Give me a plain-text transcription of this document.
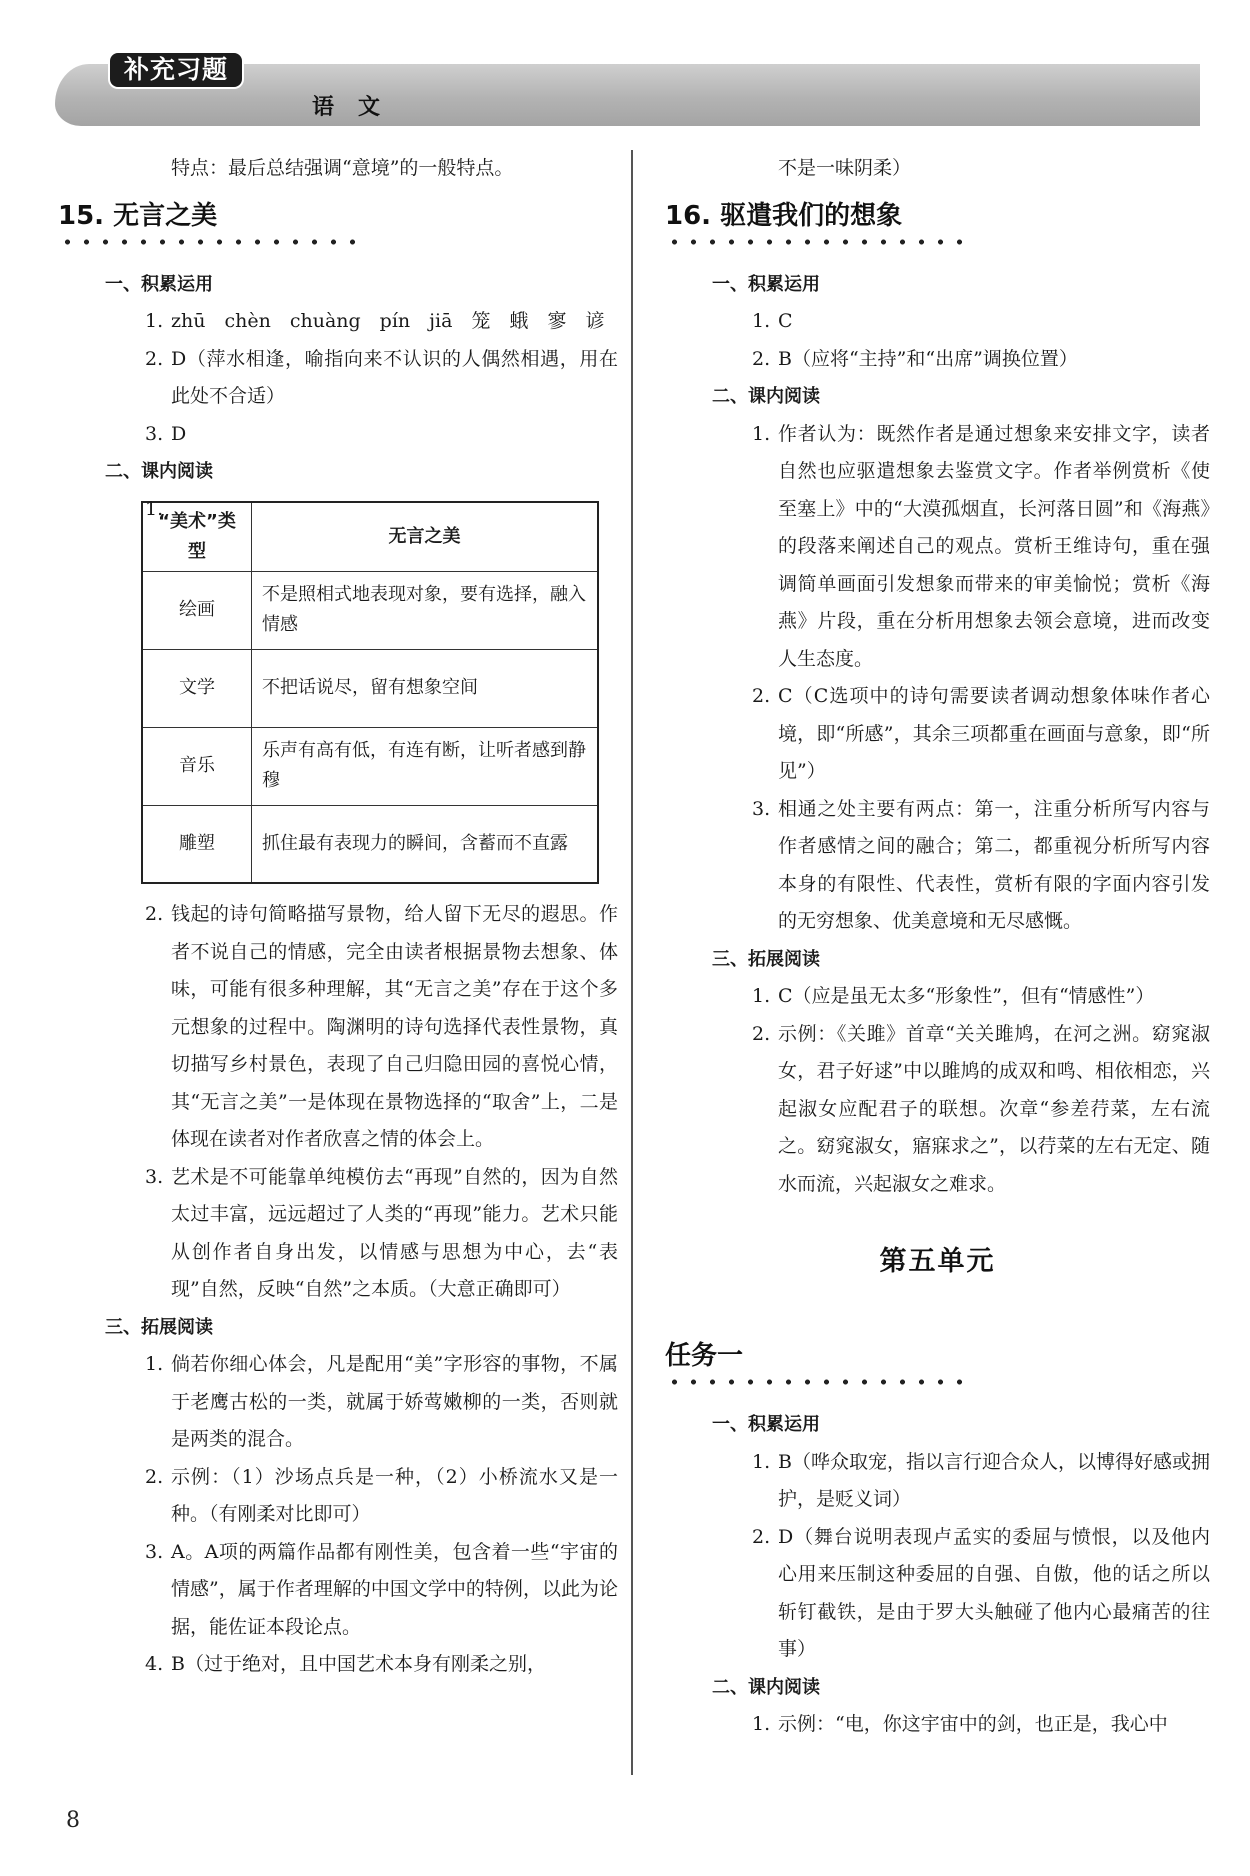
补充习题
语文

特点：最后总结强调“意境”的一般特点。

15. 无言之美
一、积累运用

1. zhū　chèn　chuàng　pín　jiā　笼　蛾　寥　谚

2. D（萍水相逢，喻指向来不认识的人偶然相遇，用在此处不合适）

3. D

二、课内阅读

1.

“美术”类型	无言之美
绘画	不是照相式地表现对象，要有选择，融入情感
文学	不把话说尽，留有想象空间
音乐	乐声有高有低，有连有断，让听者感到静穆
雕塑	抓住最有表现力的瞬间，含蓄而不直露

2. 钱起的诗句简略描写景物，给人留下无尽的遐思。作者不说自己的情感，完全由读者根据景物去想象、体味，可能有很多种理解，其“无言之美”存在于这个多元想象的过程中。陶渊明的诗句选择代表性景物，真切描写乡村景色，表现了自己归隐田园的喜悦心情，其“无言之美”一是体现在景物选择的“取舍”上，二是体现在读者对作者欣喜之情的体会上。

3. 艺术是不可能靠单纯模仿去“再现”自然的，因为自然太过丰富，远远超过了人类的“再现”能力。艺术只能从创作者自身出发，以情感与思想为中心，去“表现”自然，反映“自然”之本质。（大意正确即可）

三、拓展阅读

1. 倘若你细心体会，凡是配用“美”字形容的事物，不属于老鹰古松的一类，就属于娇莺嫩柳的一类，否则就是两类的混合。

2. 示例：（1）沙场点兵是一种，（2）小桥流水又是一种。（有刚柔对比即可）

3. A。A项的两篇作品都有刚性美，包含着一些“宇宙的情感”，属于作者理解的中国文学中的特例，以此为论据，能佐证本段论点。

4. B（过于绝对，且中国艺术本身有刚柔之别，

不是一味阴柔）

16. 驱遣我们的想象
一、积累运用

1. C

2. B（应将“主持”和“出席”调换位置）

二、课内阅读

1. 作者认为：既然作者是通过想象来安排文字，读者自然也应驱遣想象去鉴赏文字。作者举例赏析《使至塞上》中的“大漠孤烟直，长河落日圆”和《海燕》的段落来阐述自己的观点。赏析王维诗句，重在强调简单画面引发想象而带来的审美愉悦；赏析《海燕》片段，重在分析用想象去领会意境，进而改变人生态度。

2. C（C选项中的诗句需要读者调动想象体味作者心境，即“所感”，其余三项都重在画面与意象，即“所见”）

3. 相通之处主要有两点：第一，注重分析所写内容与作者感情之间的融合；第二，都重视分析所写内容本身的有限性、代表性，赏析有限的字面内容引发的无穷想象、优美意境和无尽感慨。

三、拓展阅读

1. C（应是虽无太多“形象性”，但有“情感性”）

2. 示例：《关雎》首章“关关雎鸠，在河之洲。窈窕淑女，君子好逑”中以雎鸠的成双和鸣、相依相恋，兴起淑女应配君子的联想。次章“参差荇菜，左右流之。窈窕淑女，寤寐求之”，以荇菜的左右无定、随水而流，兴起淑女之难求。

第五单元
任务一
一、积累运用

1. B（哗众取宠，指以言行迎合众人，以博得好感或拥护，是贬义词）

2. D（舞台说明表现卢孟实的委屈与愤恨，以及他内心用来压制这种委屈的自强、自傲，他的话之所以斩钉截铁，是由于罗大头触碰了他内心最痛苦的往事）

二、课内阅读

1. 示例：“电，你这宇宙中的剑，也正是，我心中

8
